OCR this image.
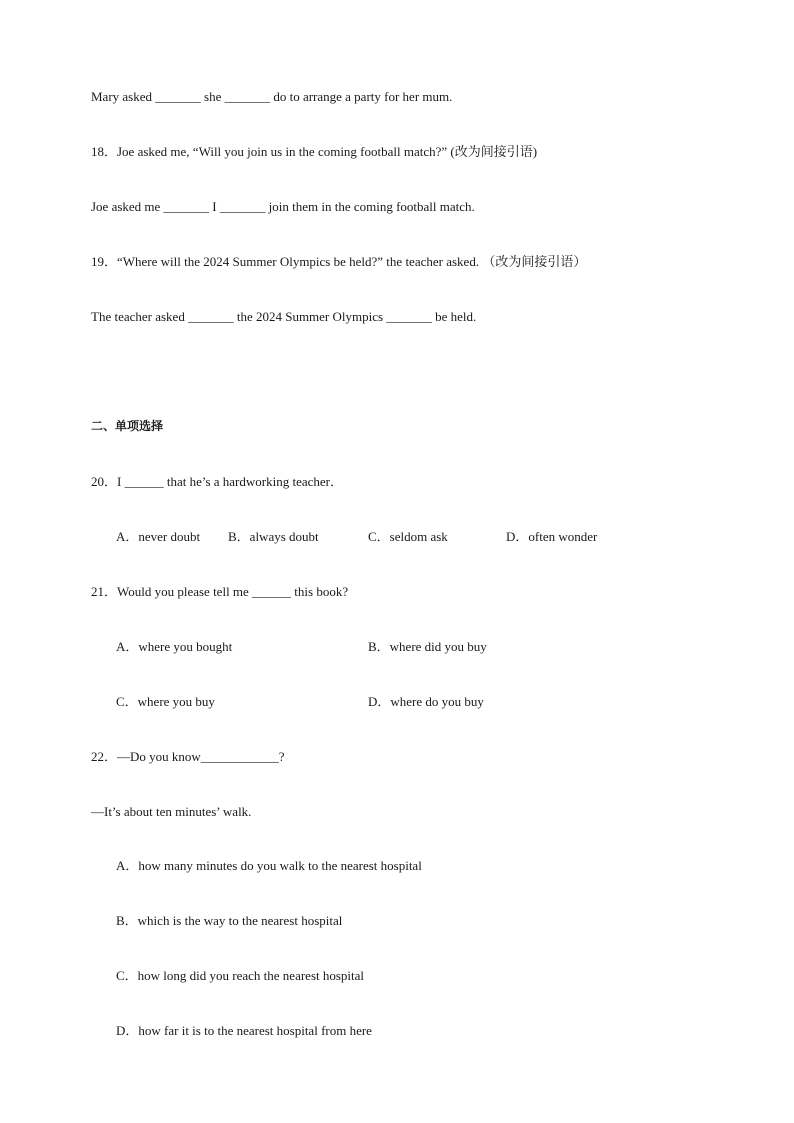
Mary asked _______ she _______ do to arrange a party for her mum.
18．Joe asked me, “Will you join us in the coming football match?” (改为间接引语)
Joe asked me _______ I _______ join them in the coming football match.
19．“Where will the 2024 Summer Olympics be held?” the teacher asked. （改为间接引语）
The teacher asked _______ the 2024 Summer Olympics _______ be held.
二、单项选择
20．I ______ that he’s a hardworking teacher．
A．never doubt B．always doubt	C．seldom ask	D．often wonder
21．Would you please tell me ______ this book?
A．where you bought	B．where did you buy
C．where you buy	D．where do you buy
22．—Do you know____________?
—It’s about ten minutes’ walk.
A．how many minutes do you walk to the nearest hospital
B．which is the way to the nearest hospital
C．how long did you reach the nearest hospital
D．how far it is to the nearest hospital from here
